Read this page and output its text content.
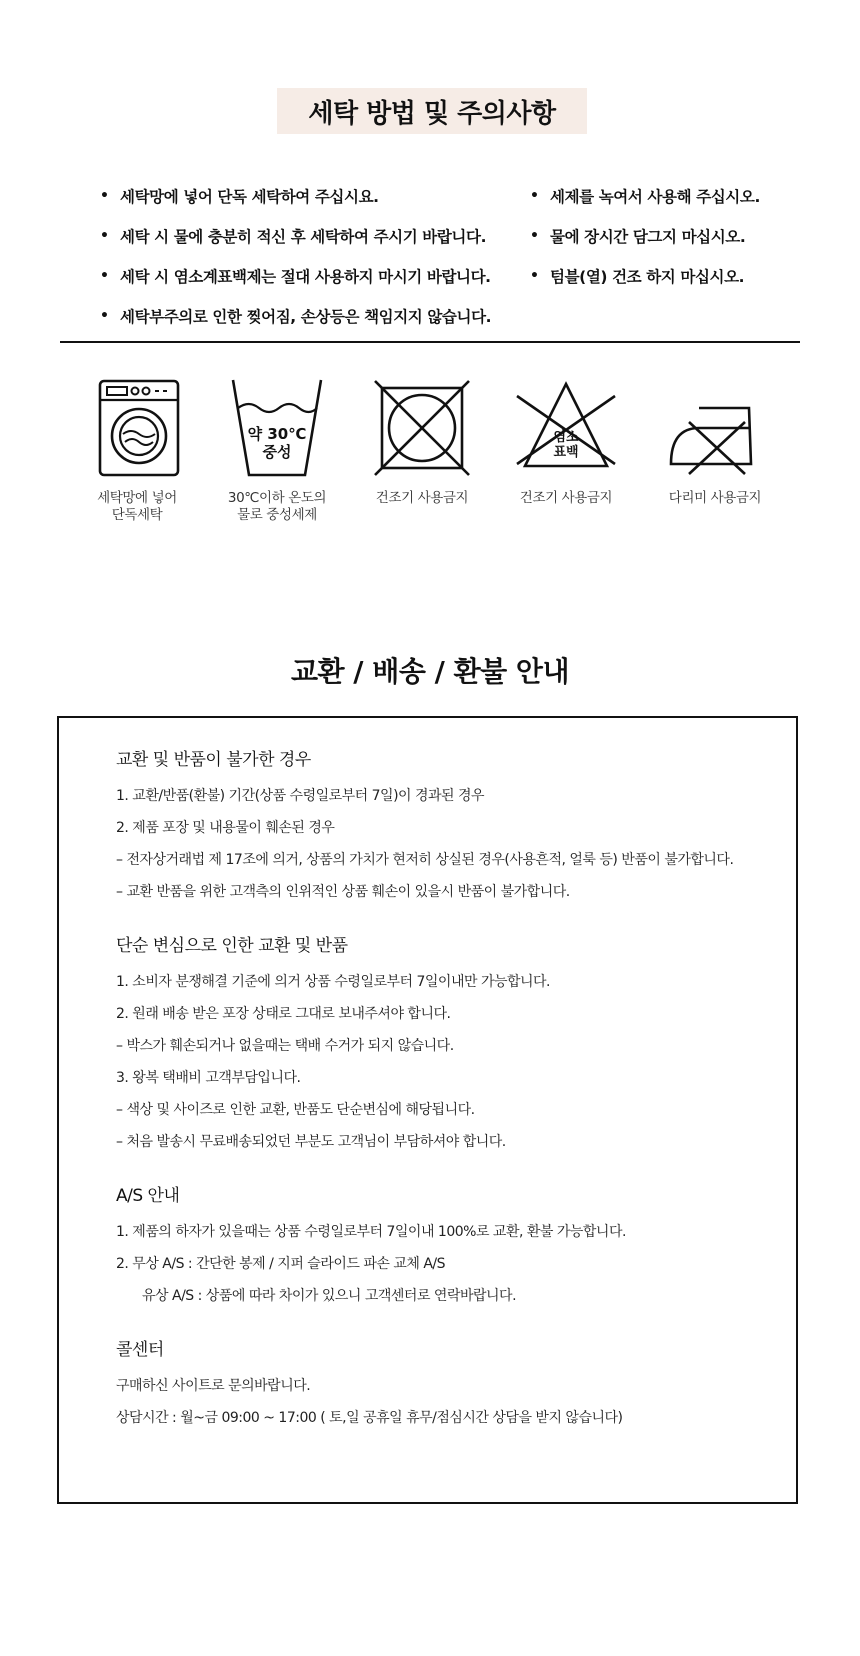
세탁 방법 및 주의사항
• 세탁망에 넣어 단독 세탁하여 주십시요.
• 세탁 시 물에 충분히 적신 후 세탁하여 주시기 바랍니다.
• 세탁 시 염소계표백제는 절대 사용하지 마시기 바랍니다.
• 세탁부주의로 인한 찢어짐, 손상등은 책임지지 않습니다.
• 세제를 녹여서 사용해 주십시오.
• 물에 장시간 담그지 마십시오.
• 텀블(열) 건조 하지 마십시오.
세탁망에 넣어
단독세탁
약 30℃
중성
30℃이하 온도의
물로 중성세제
건조기 사용금지
염소
표백
건조기 사용금지	다리미 사용금지
교환 / 배송 / 환불 안내
교환 및 반품이 불가한 경우
1. 교환/반품(환불) 기간(상품 수령일로부터 7일)이 경과된 경우
2. 제품 포장 및 내용물이 훼손된 경우
– 전자상거래법 제 17조에 의거, 상품의 가치가 현저히 상실된 경우(사용흔적, 얼룩 등) 반품이 불가합니다.
– 교환 반품을 위한 고객측의 인위적인 상품 훼손이 있을시 반품이 불가합니다.
단순 변심으로 인한 교환 및 반품
1. 소비자 분쟁해결 기준에 의거 상품 수령일로부터 7일이내만 가능합니다.
2. 원래 배송 받은 포장 상태로 그대로 보내주셔야 합니다.
– 박스가 훼손되거나 없을때는 택배 수거가 되지 않습니다.
3. 왕복 택배비 고객부담입니다.
– 색상 및 사이즈로 인한 교환, 반품도 단순변심에 해당됩니다.
– 처음 발송시 무료배송되었던 부분도 고객님이 부담하셔야 합니다.
A/S 안내
1. 제품의 하자가 있을때는 상품 수령일로부터 7일이내 100%로 교환, 환불 가능합니다.
2. 무상 A/S : 간단한 봉제 / 지퍼 슬라이드 파손 교체 A/S
유상 A/S : 상품에 따라 차이가 있으니 고객센터로 연락바랍니다.
콜센터
구매하신 사이트로 문의바랍니다.
상담시간 : 월~금 09:00 ~ 17:00 ( 토,일 공휴일 휴무/점심시간 상담을 받지 않습니다)
